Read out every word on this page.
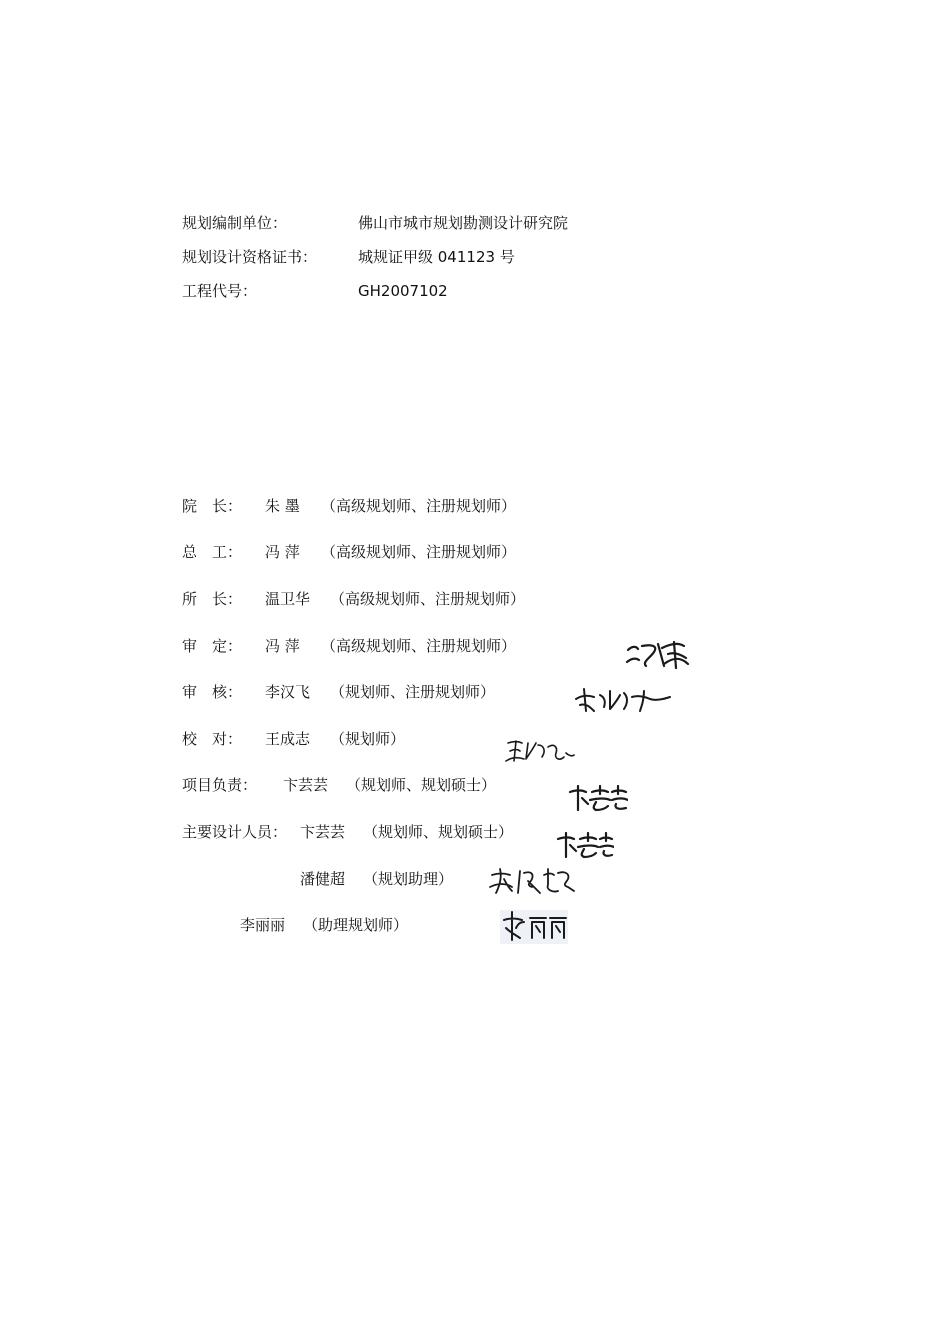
规划编制单位：	佛山市城市规划勘测设计研究院
规划设计资格证书：	城规证甲级 041123 号
工程代号：	GH2007102
院　长： 朱 墨 （高级规划师、注册规划师）
总　工： 冯 萍 （高级规划师、注册规划师）
所　长： 温卫华 （高级规划师、注册规划师）
审　定： 冯 萍 （高级规划师、注册规划师）
审　核： 李汉飞 （规划师、注册规划师）
校　对： 王成志 （规划师）
项目负责： 卞芸芸 （规划师、规划硕士）
主要设计人员： 卞芸芸 （规划师、规划硕士）
潘健超 （规划助理）
李丽丽 （助理规划师）
